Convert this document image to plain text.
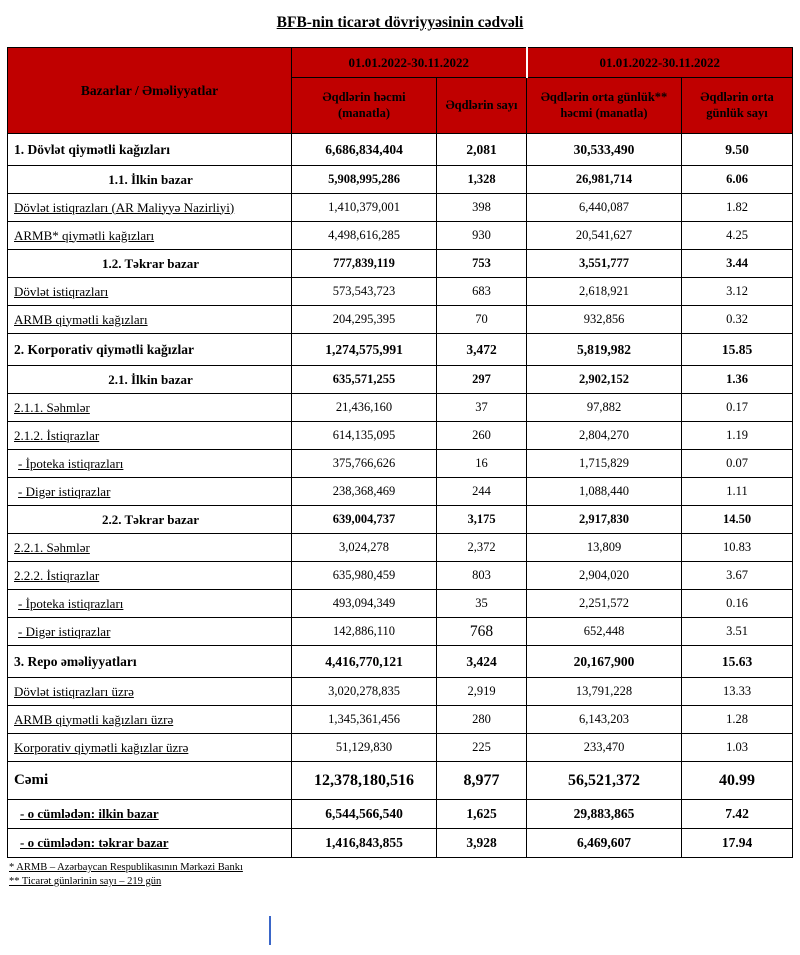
BFB-nin ticarət dövriyyəsinin cədvəli
Bazarlar / Əməliyyatlar	01.01.2022-30.11.2022		01.01.2022-30.11.2022	
	Əqdlərin həcmi (manatla)	Əqdlərin sayı	Əqdlərin orta günlük** həcmi (manatla)	Əqdlərin orta günlük sayı
1. Dövlət qiymətli kağızları	6,686,834,404	2,081	30,533,490	9.50
1.1. İlkin bazar	5,908,995,286	1,328	26,981,714	6.06
Dövlət istiqrazları (AR Maliyyə Nazirliyi)	1,410,379,001	398	6,440,087	1.82
ARMB* qiymətli kağızları	4,498,616,285	930	20,541,627	4.25
1.2. Təkrar bazar	777,839,119	753	3,551,777	3.44
Dövlət istiqrazları	573,543,723	683	2,618,921	3.12
ARMB qiymətli kağızları	204,295,395	70	932,856	0.32
2. Korporativ qiymətli kağızlar	1,274,575,991	3,472	5,819,982	15.85
2.1. İlkin bazar	635,571,255	297	2,902,152	1.36
2.1.1. Səhmlər	21,436,160	37	97,882	0.17
2.1.2. İstiqrazlar	614,135,095	260	2,804,270	1.19
- İpoteka istiqrazları	375,766,626	16	1,715,829	0.07
- Digər istiqrazlar	238,368,469	244	1,088,440	1.11
2.2. Təkrar bazar	639,004,737	3,175	2,917,830	14.50
2.2.1. Səhmlər	3,024,278	2,372	13,809	10.83
2.2.2. İstiqrazlar	635,980,459	803	2,904,020	3.67
- İpoteka istiqrazları	493,094,349	35	2,251,572	0.16
- Digər istiqrazlar	142,886,110	768	652,448	3.51
3. Repo əməliyyatları	4,416,770,121	3,424	20,167,900	15.63
Dövlət istiqrazları üzrə	3,020,278,835	2,919	13,791,228	13.33
ARMB qiymətli kağızları üzrə	1,345,361,456	280	6,143,203	1.28
Korporativ qiymətli kağızlar üzrə	51,129,830	225	233,470	1.03
Cəmi	12,378,180,516	8,977	56,521,372	40.99
- o cümlədən: ilkin bazar	6,544,566,540	1,625	29,883,865	7.42
- o cümlədən: təkrar bazar	1,416,843,855	3,928	6,469,607	17.94
* ARMB – Azərbaycan Respublikasının Mərkəzi Bankı
** Ticarət günlərinin sayı – 219 gün
